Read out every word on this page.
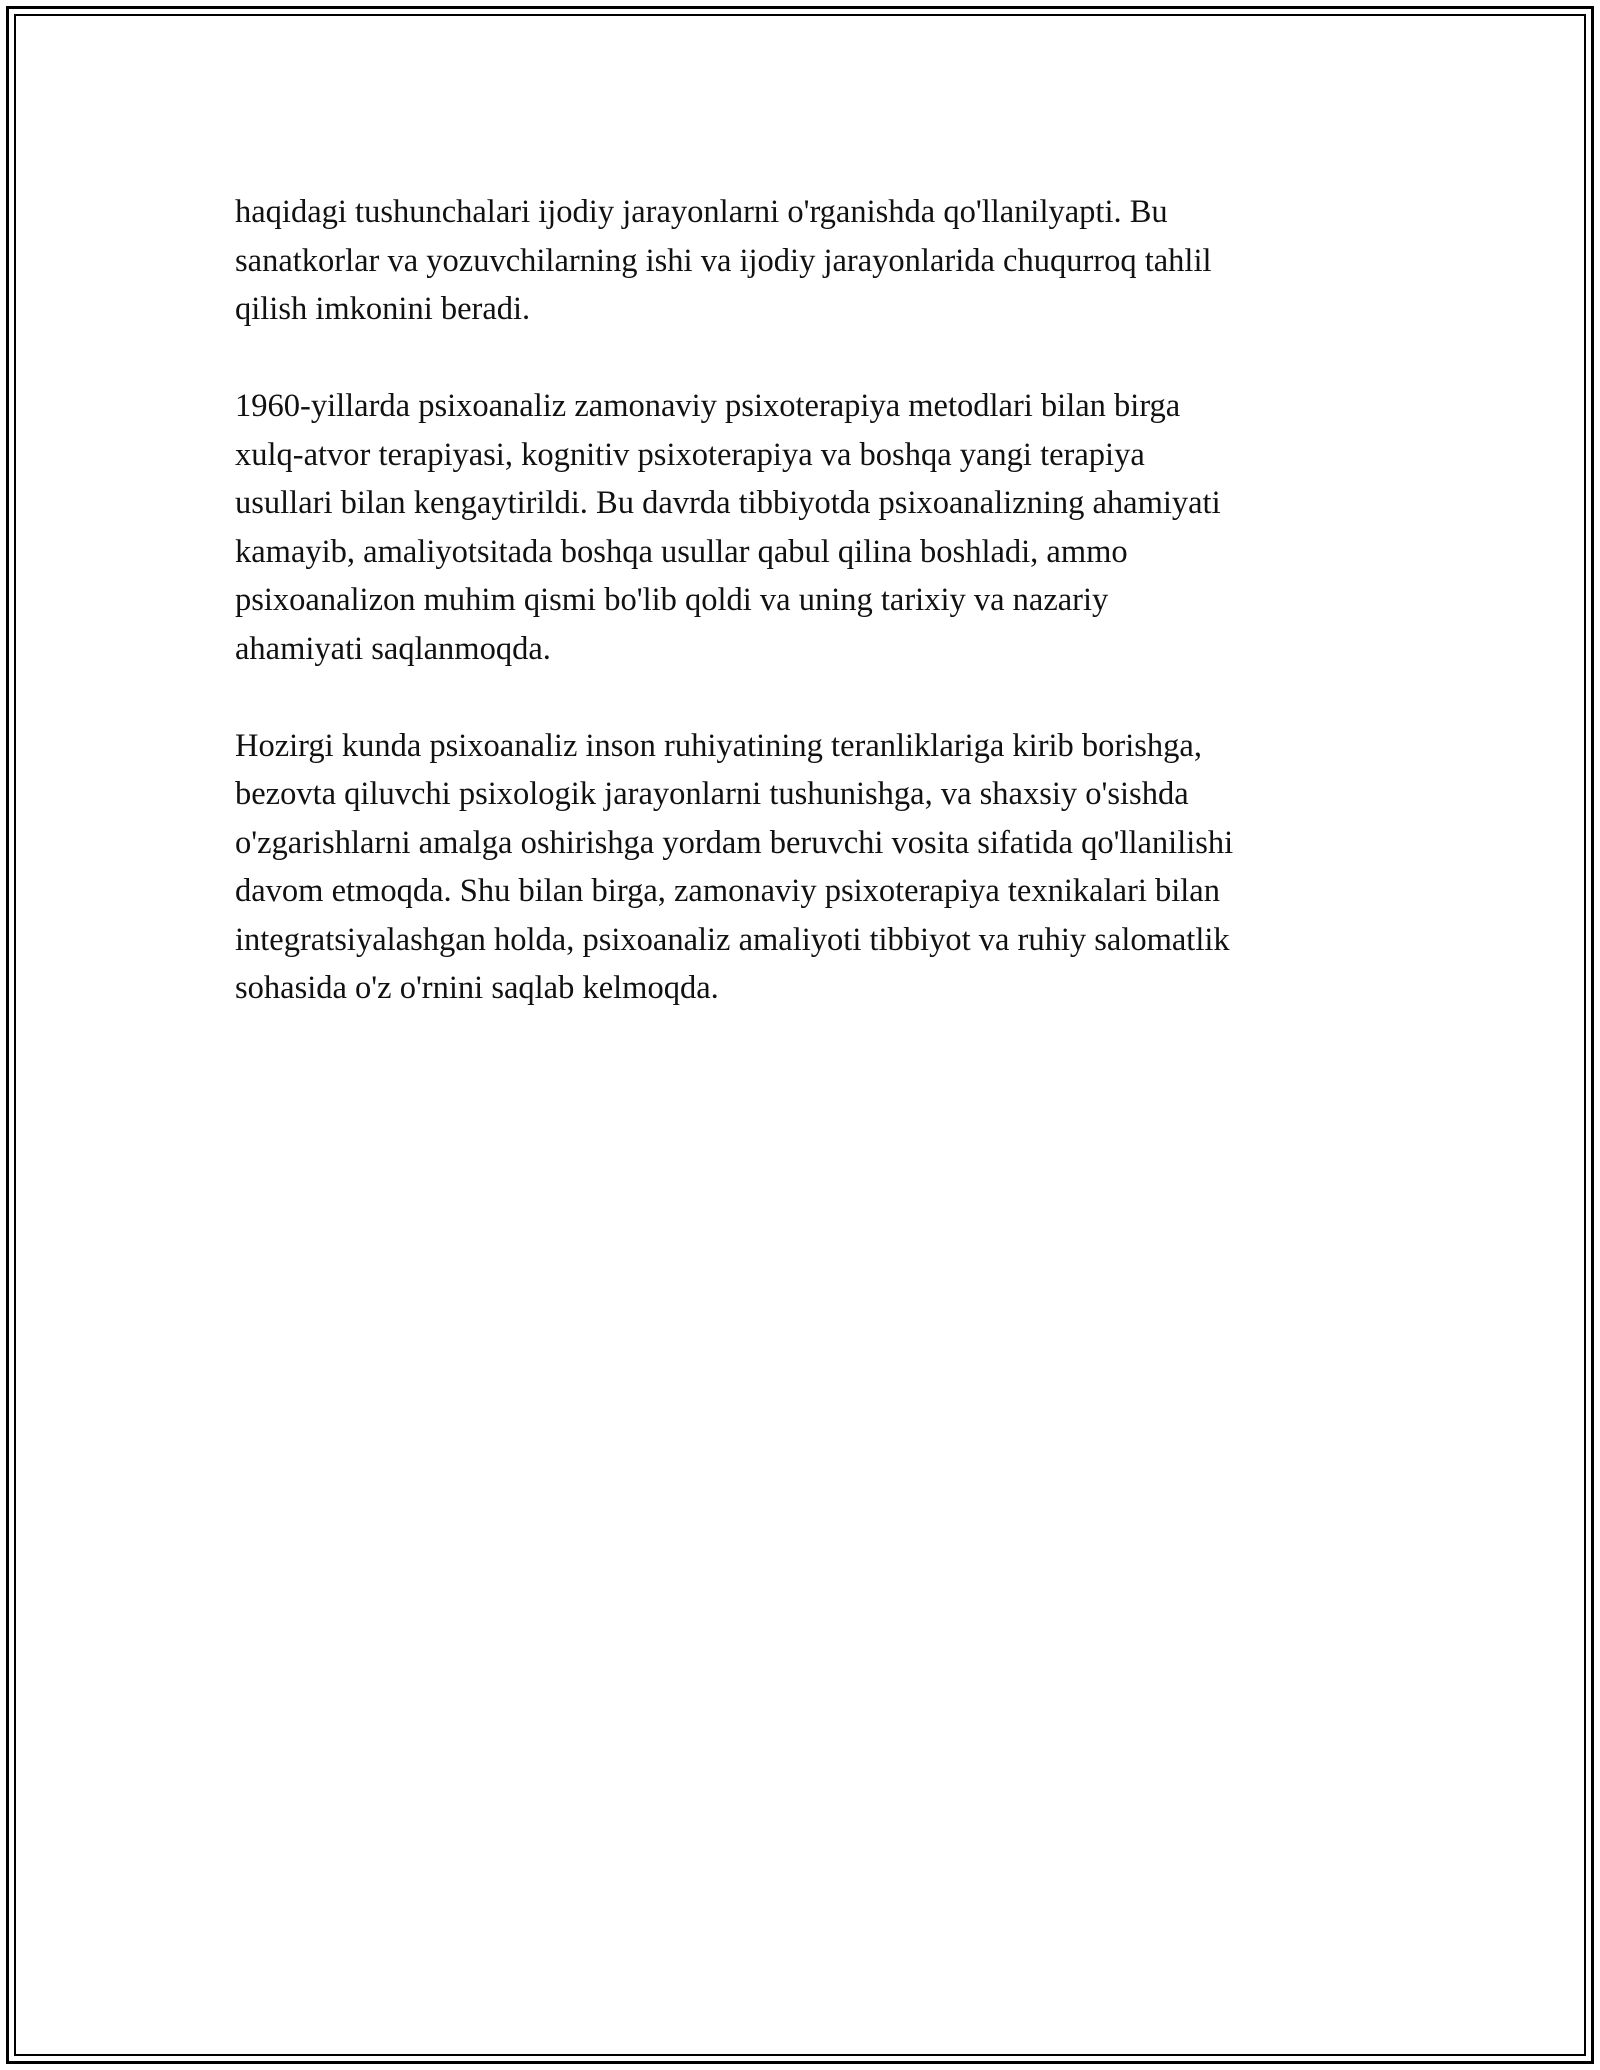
haqidagi tushunchalari ijodiy jarayonlarni o'rganishda qo'llanilyapti. Bu
sanatkorlar va yozuvchilarning ishi va ijodiy jarayonlarida chuqurroq tahlil
qilish imkonini beradi.

1960-yillarda psixoanaliz zamonaviy psixoterapiya metodlari bilan birga
xulq-atvor terapiyasi, kognitiv psixoterapiya va boshqa yangi terapiya
usullari bilan kengaytirildi. Bu davrda tibbiyotda psixoanalizning ahamiyati
kamayib, amaliyotsitada boshqa usullar qabul qilina boshladi, ammo
psixoanalizon muhim qismi bo'lib qoldi va uning tarixiy va nazariy
ahamiyati saqlanmoqda.

Hozirgi kunda psixoanaliz inson ruhiyatining teranliklariga kirib borishga,
bezovta qiluvchi psixologik jarayonlarni tushunishga, va shaxsiy o'sishda
o'zgarishlarni amalga oshirishga yordam beruvchi vosita sifatida qo'llanilishi
davom etmoqda. Shu bilan birga, zamonaviy psixoterapiya texnikalari bilan
integratsiyalashgan holda, psixoanaliz amaliyoti tibbiyot va ruhiy salomatlik
sohasida o'z o'rnini saqlab kelmoqda.
